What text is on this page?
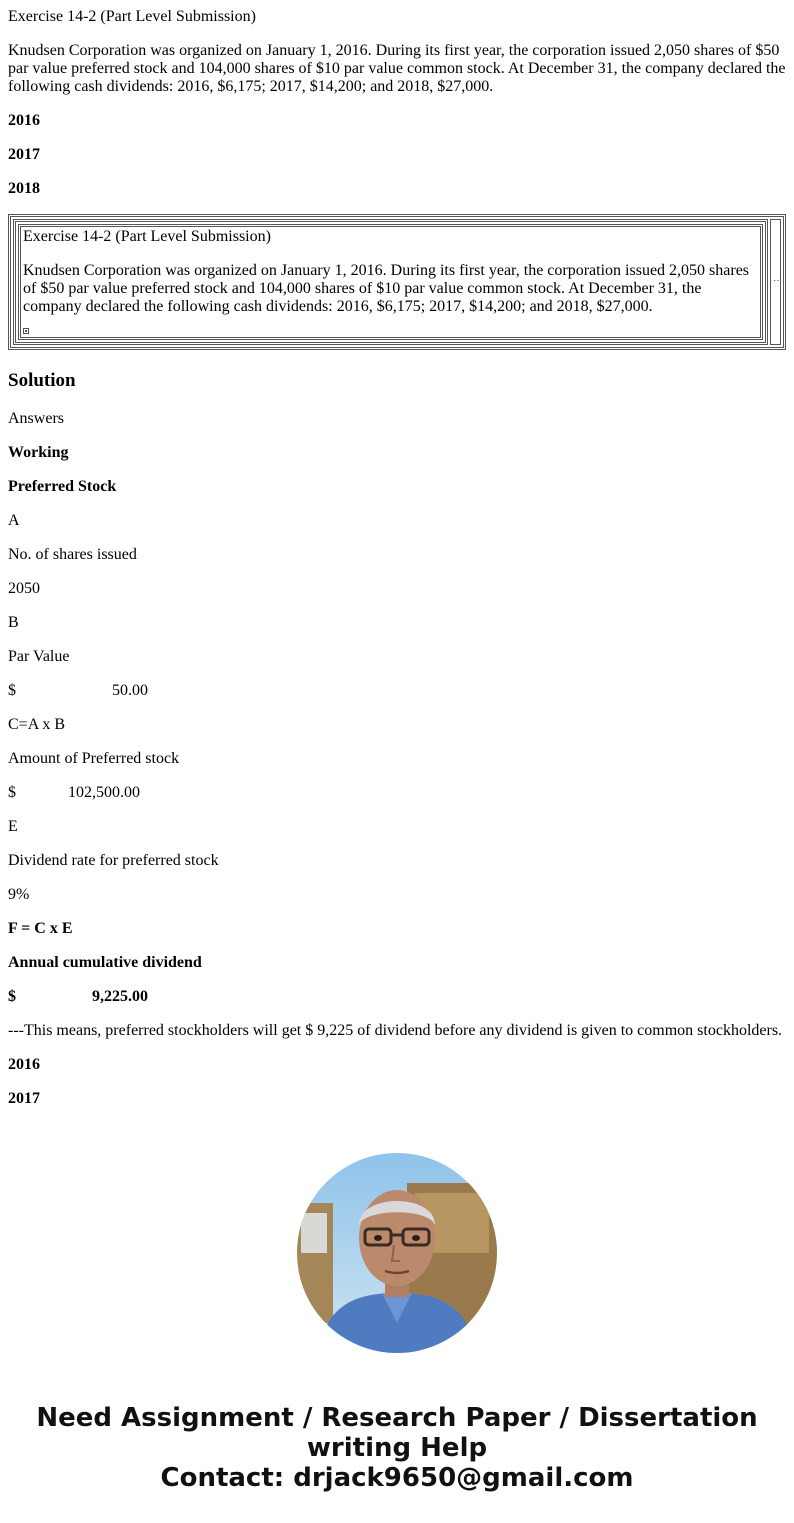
Exercise 14-2 (Part Level Submission)

Knudsen Corporation was organized on January 1, 2016. During its first year, the corporation issued 2,050 shares of $50 par value preferred stock and 104,000 shares of $10 par value common stock. At December 31, the company declared the following cash dividends: 2016, $6,175; 2017, $14,200; and 2018, $27,000.

2016

2017

2018

Exercise 14-2 (Part Level Submission)

Knudsen Corporation was organized on January 1, 2016. During its first year, the corporation issued 2,050 shares of $50 par value preferred stock and 104,000 shares of $10 par value common stock. At December 31, the company declared the following cash dividends: 2016, $6,175; 2017, $14,200; and 2018, $27,000.

˙˙
Solution

Answers

Working

Preferred Stock

A

No. of shares issued

2050

B

Par Value

$                        50.00

C=A x B

Amount of Preferred stock

$             102,500.00

E

Dividend rate for preferred stock

9%

F = C x E

Annual cumulative dividend

$                   9,225.00

---This means, preferred stockholders will get $ 9,225 of dividend before any dividend is given to common stockholders.

2016

2017

Need Assignment / Research Paper / Dissertation
writing Help
Contact: drjack9650@gmail.com
